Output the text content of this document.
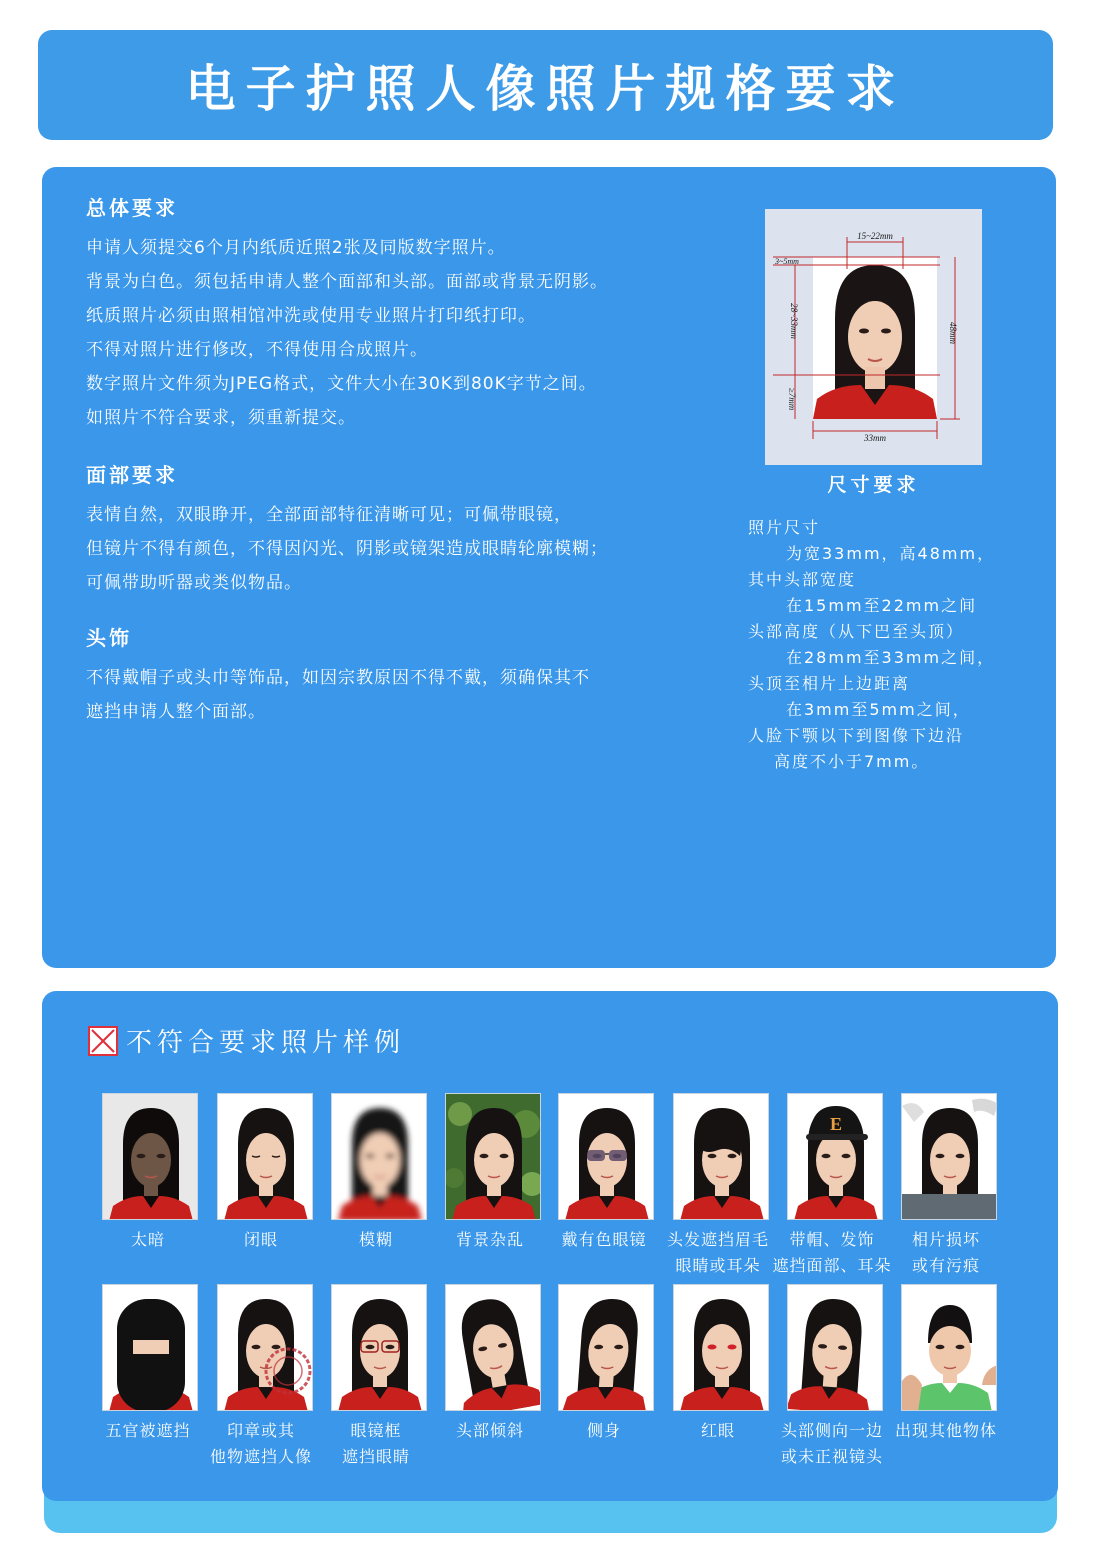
电子护照人像照片规格要求
总体要求

申请人须提交6个月内纸质近照2张及同版数字照片。

背景为白色。须包括申请人整个面部和头部。面部或背景无阴影。

纸质照片必须由照相馆冲洗或使用专业照片打印纸打印。

不得对照片进行修改，不得使用合成照片。

数字照片文件须为JPEG格式，文件大小在30K到80K字节之间。

如照片不符合要求，须重新提交。

面部要求

表情自然，双眼睁开，全部面部特征清晰可见；可佩带眼镜，

但镜片不得有颜色，不得因闪光、阴影或镜架造成眼睛轮廓模糊；

可佩带助听器或类似物品。

头饰

不得戴帽子或头巾等饰品，如因宗教原因不得不戴，须确保其不

遮挡申请人整个面部。

15~22mm
3~5mm
28~33mm	48mm
≥7mm
33mm
尺寸要求

照片尺寸

为宽33mm，高48mm，

其中头部宽度

在15mm至22mm之间

头部高度（从下巴至头顶）

在28mm至33mm之间，

头顶至相片上边距离

在3mm至5mm之间，

人脸下颚以下到图像下边沿

高度不小于7mm。

不符合要求照片样例
太暗	闭眼	模糊	背景杂乱	戴有色眼镜	头发遮挡眉毛
眼睛或耳朵
E
带帽、发饰
遮挡面部、耳朵
相片损坏
或有污痕
五官被遮挡	印章或其
他物遮挡人像
眼镜框
遮挡眼睛
头部倾斜	侧身	红眼	头部侧向一边
或未正视镜头
出现其他物体
